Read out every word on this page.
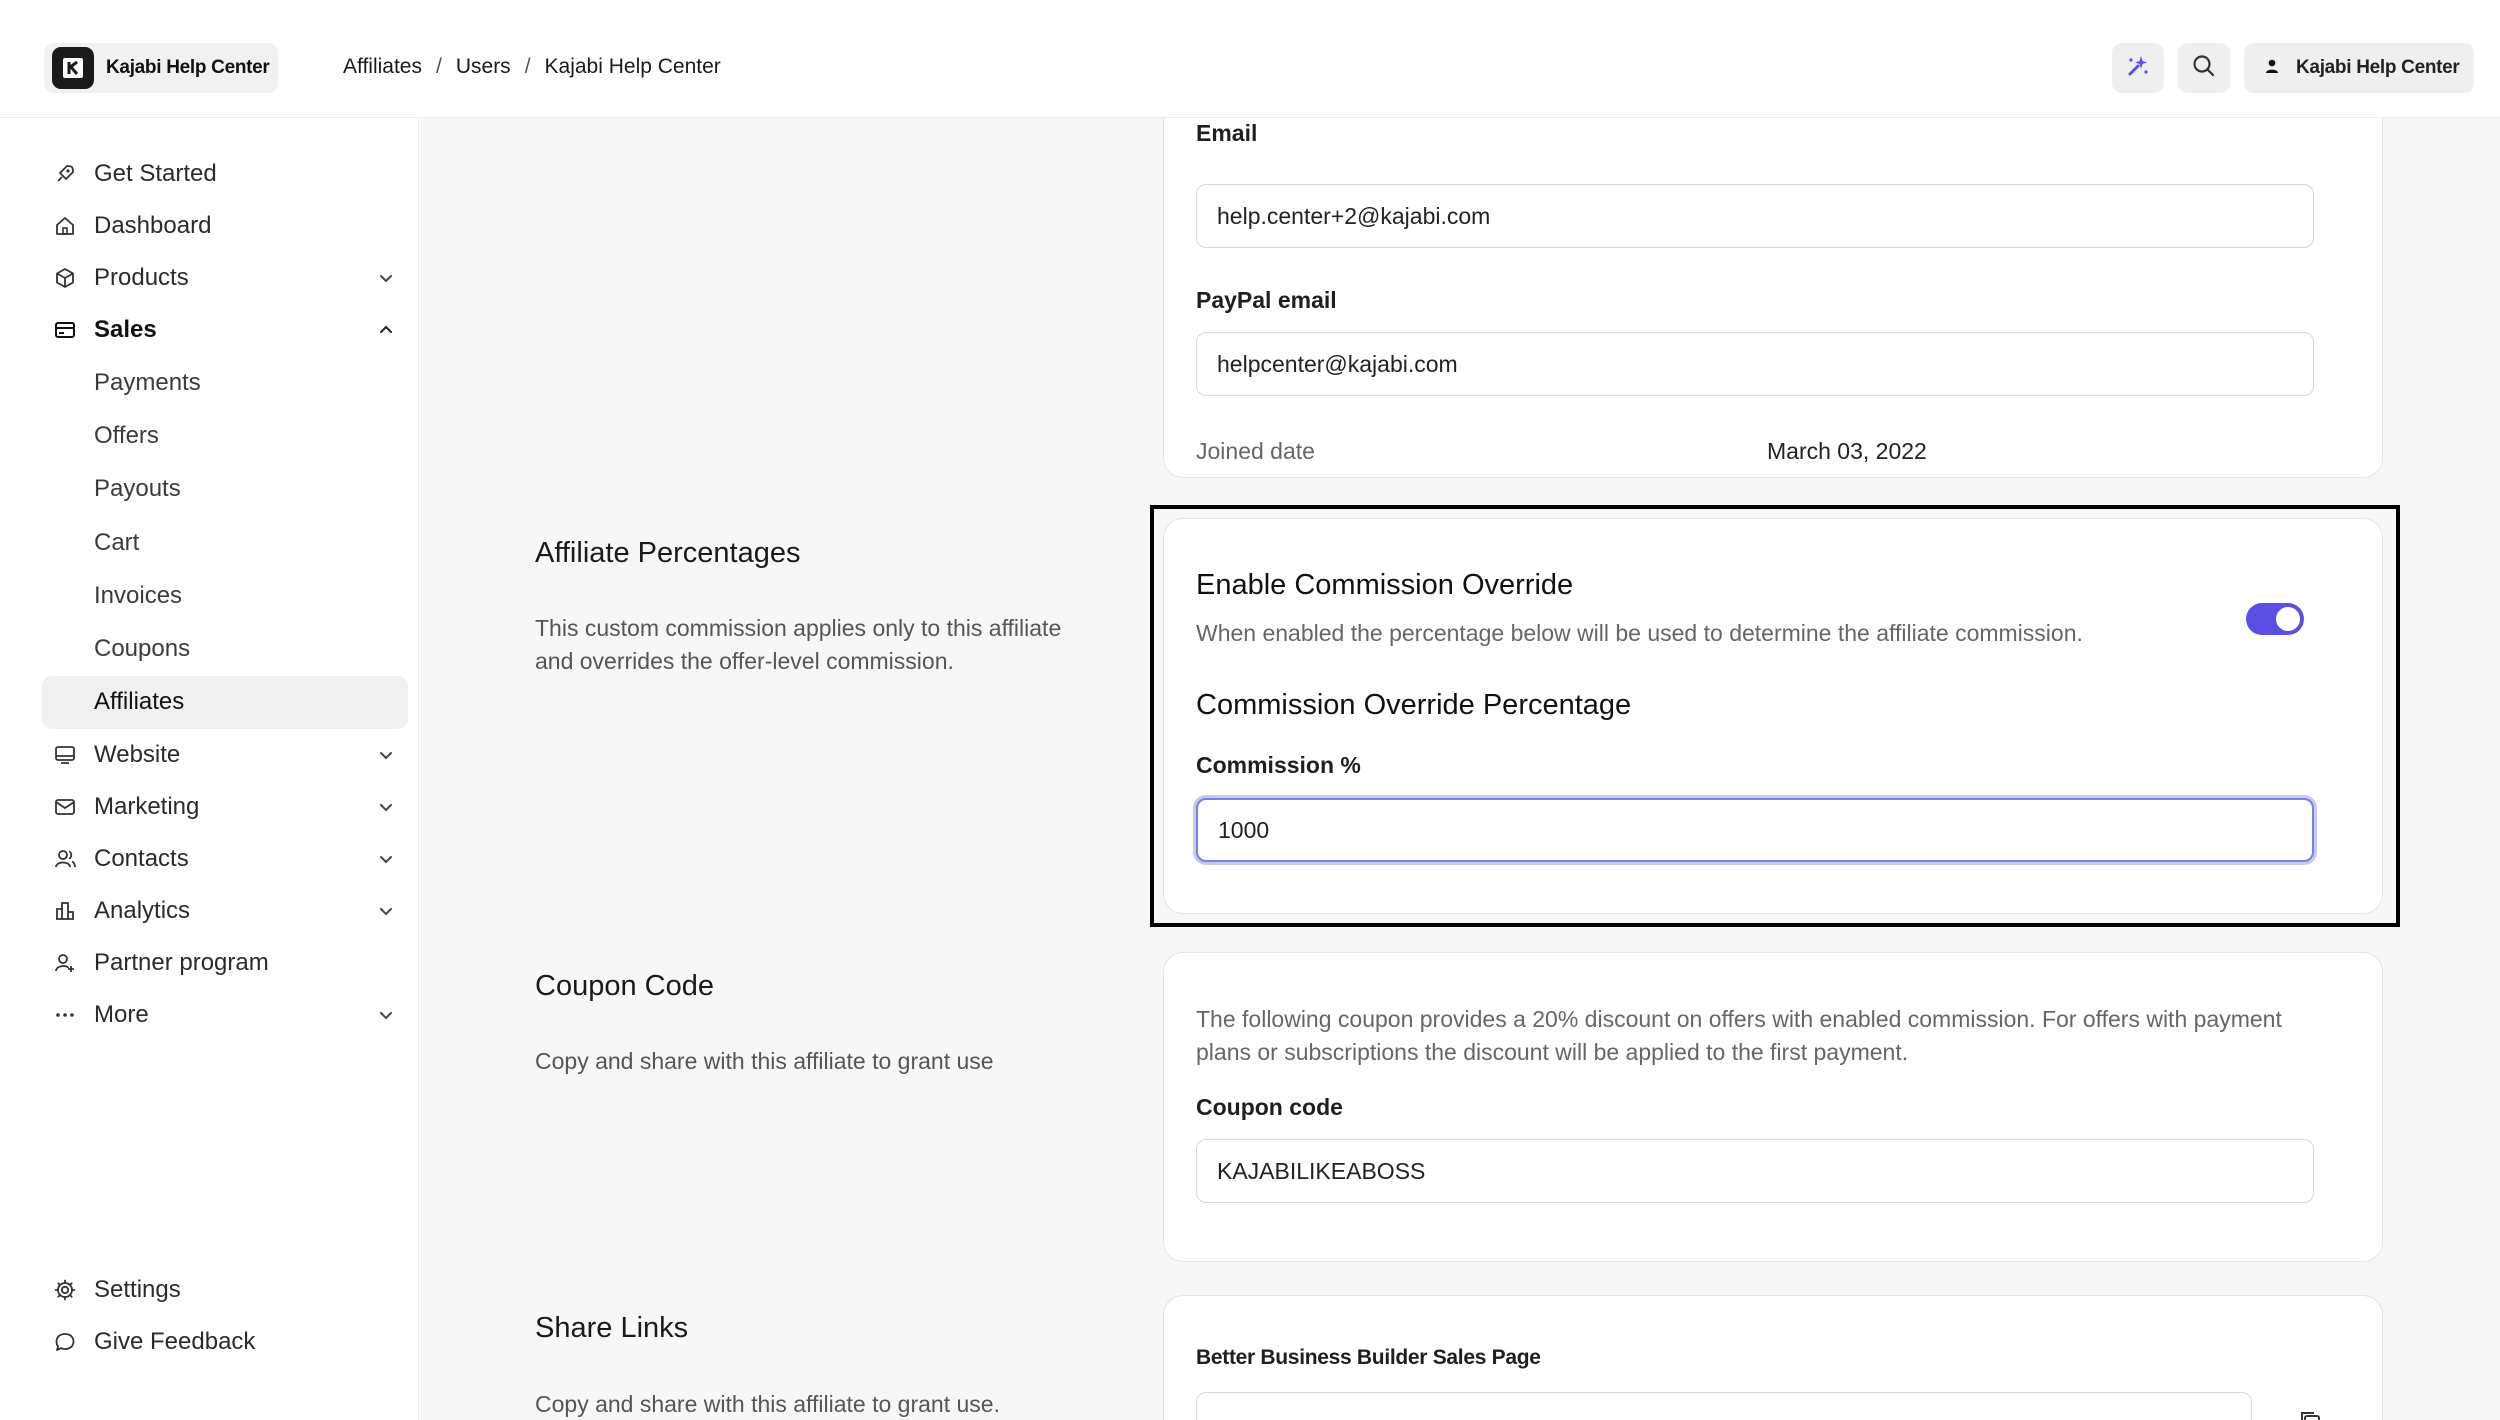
Kajabi Help Center	Affiliates / Users / Kajabi Help Center	Kajabi Help Center
Get Started
Dashboard
Products
Sales
Payments
Offers
Payouts
Cart
Invoices
Coupons
Affiliates
Website
Marketing
Contacts
Analytics
Partner program
More
Settings
Give Feedback
Email
help.center+2@kajabi.com
PayPal email
helpcenter@kajabi.com
Joined date	March 03, 2022
Affiliate Percentages
This custom commission applies only to this affiliate and overrides the offer-level commission.
Enable Commission Override
When enabled the percentage below will be used to determine the affiliate commission.
Commission Override Percentage
Commission %
1000
Coupon Code
Copy and share with this affiliate to grant use
The following coupon provides a 20% discount on offers with enabled commission. For offers with payment plans or subscriptions the discount will be applied to the first payment.
Coupon code
KAJABILIKEABOSS
Share Links
Copy and share with this affiliate to grant use.
Better Business Builder Sales Page
